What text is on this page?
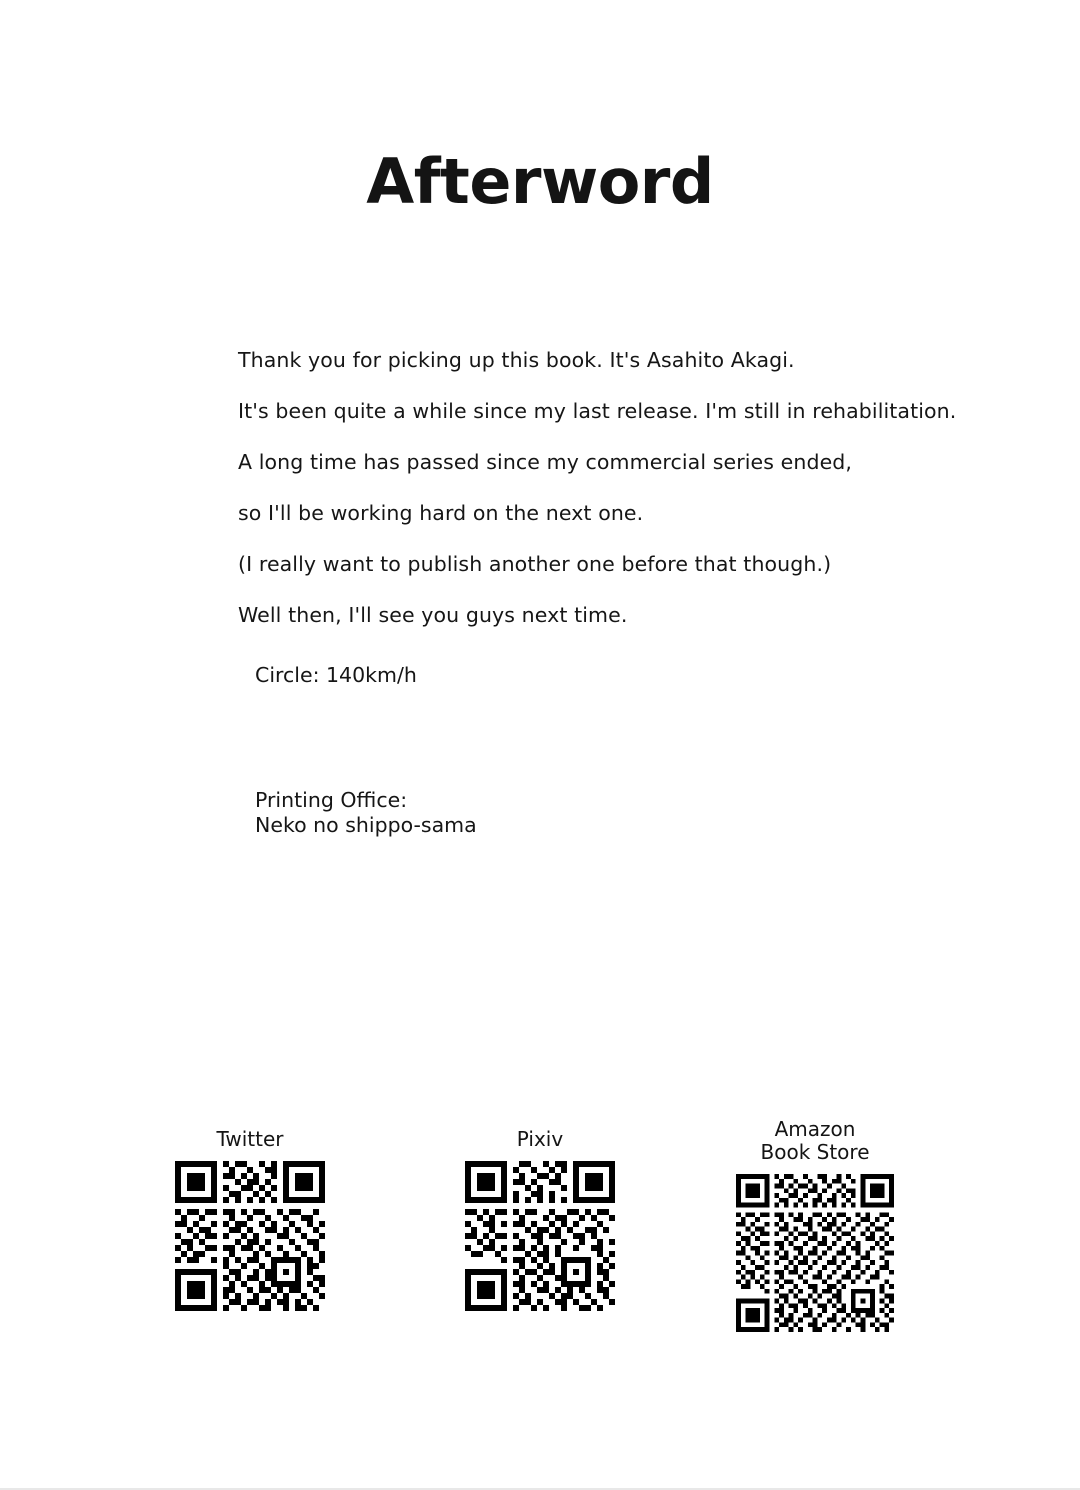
Afterword

Thank you for picking up this book. It's Asahito Akagi.

It's been quite a while since my last release. I'm still in rehabilitation.

A long time has passed since my commercial series ended,

so I'll be working hard on the next one.

(I really want to publish another one before that though.)

Well then, I'll see you guys next time.

Circle: 140km/h
Printing Office:
Neko no shippo-sama
Twitter	Pixiv	Amazon
Book Store
